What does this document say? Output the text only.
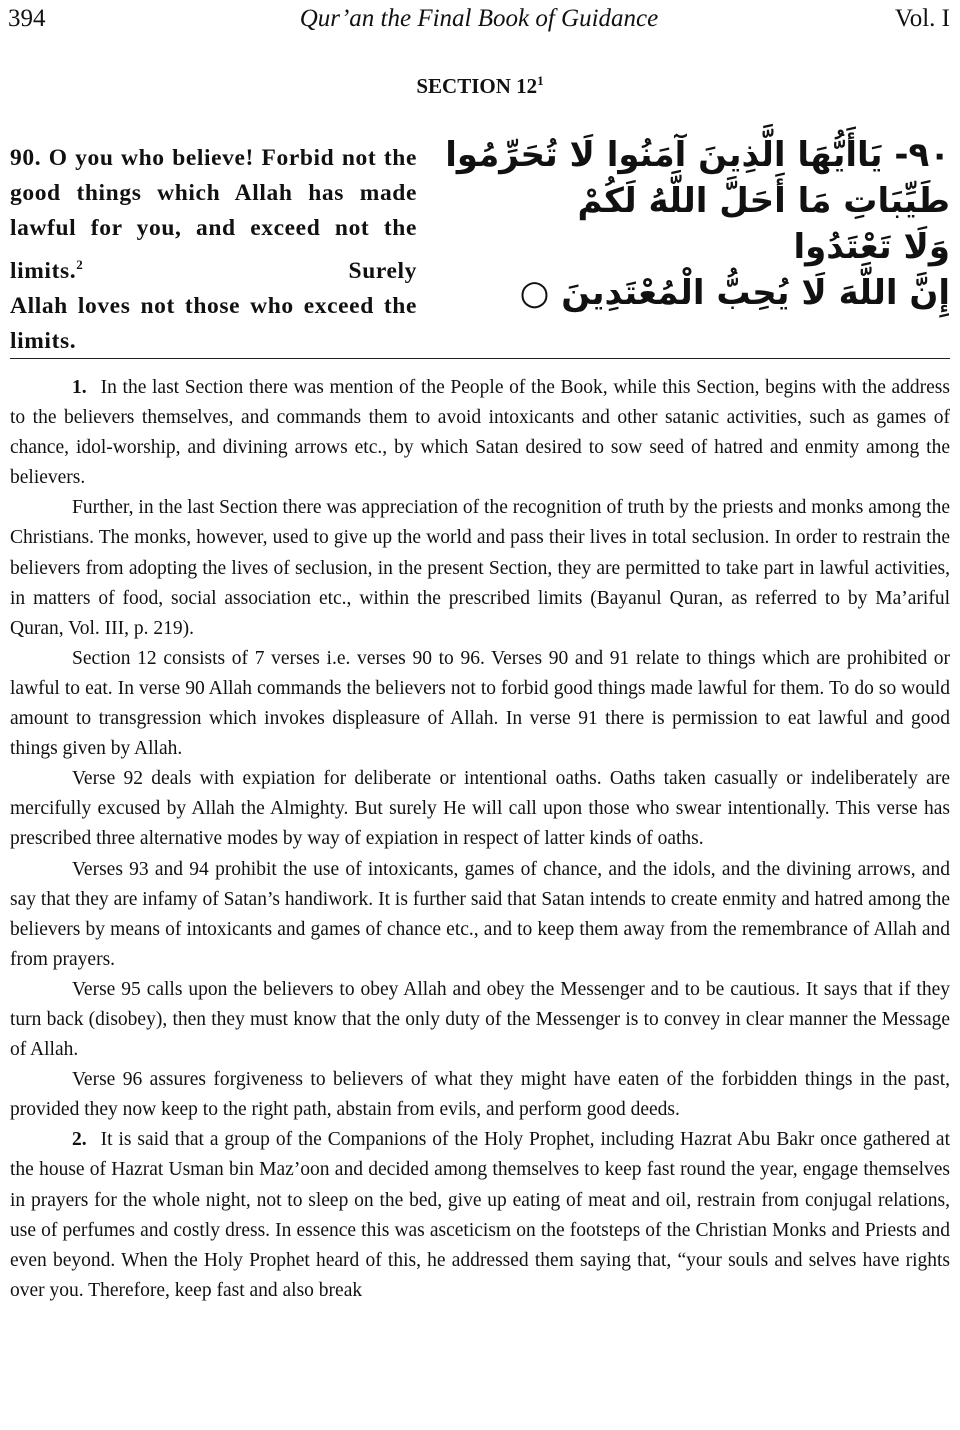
394	Qur’an the Final Book of Guidance	Vol. I
SECTION $12^1$
90. O you who believe! Forbid not the good things which Allah has made lawful for you, and exceed not the limits.$^2$ Surely
Allah loves not those who exceed the limits.
٩٠- يَاأَيُّهَا الَّذِينَ آمَنُوا لَا تُحَرِّمُوا
طَيِّبَاتِ مَا أَحَلَّ اللَّهُ لَكُمْ
وَلَا تَعْتَدُوا
إِنَّ اللَّهَ لَا يُحِبُّ الْمُعْتَدِينَ ○

1. In the last Section there was mention of the People of the Book, while this Section, begins with the address to the believers themselves, and commands them to avoid intoxicants and other satanic activities, such as games of chance, idol-worship, and divining arrows etc., by which Satan desired to sow seed of hatred and enmity among the believers.

Further, in the last Section there was appreciation of the recognition of truth by the priests and monks among the Christians. The monks, however, used to give up the world and pass their lives in total seclusion. In order to restrain the believers from adopting the lives of seclusion, in the present Section, they are permitted to take part in lawful activities, in matters of food, social association etc., within the prescribed limits (Bayanul Quran, as referred to by Ma’ariful Quran, Vol. III, p. 219).

Section 12 consists of 7 verses i.e. verses 90 to 96. Verses 90 and 91 relate to things which are prohibited or lawful to eat. In verse 90 Allah commands the believers not to forbid good things made lawful for them. To do so would amount to transgression which invokes displeasure of Allah. In verse 91 there is permission to eat lawful and good things given by Allah.

Verse 92 deals with expiation for deliberate or intentional oaths. Oaths taken casually or indeliberately are mercifully excused by Allah the Almighty. But surely He will call upon those who swear intentionally. This verse has prescribed three alternative modes by way of expiation in respect of latter kinds of oaths.

Verses 93 and 94 prohibit the use of intoxicants, games of chance, and the idols, and the divining arrows, and say that they are infamy of Satan’s handiwork. It is further said that Satan intends to create enmity and hatred among the believers by means of intoxicants and games of chance etc., and to keep them away from the remembrance of Allah and from prayers.

Verse 95 calls upon the believers to obey Allah and obey the Messenger and to be cautious. It says that if they turn back (disobey), then they must know that the only duty of the Messenger is to convey in clear manner the Message of Allah.

Verse 96 assures forgiveness to believers of what they might have eaten of the forbidden things in the past, provided they now keep to the right path, abstain from evils, and perform good deeds.

2. It is said that a group of the Companions of the Holy Prophet, including Hazrat Abu Bakr once gathered at the house of Hazrat Usman bin Maz’oon and decided among themselves to keep fast round the year, engage themselves in prayers for the whole night, not to sleep on the bed, give up eating of meat and oil, restrain from conjugal relations, use of perfumes and costly dress. In essence this was asceticism on the footsteps of the Christian Monks and Priests and even beyond. When the Holy Prophet heard of this, he addressed them saying that, “your souls and selves have rights over you. Therefore, keep fast and also break
